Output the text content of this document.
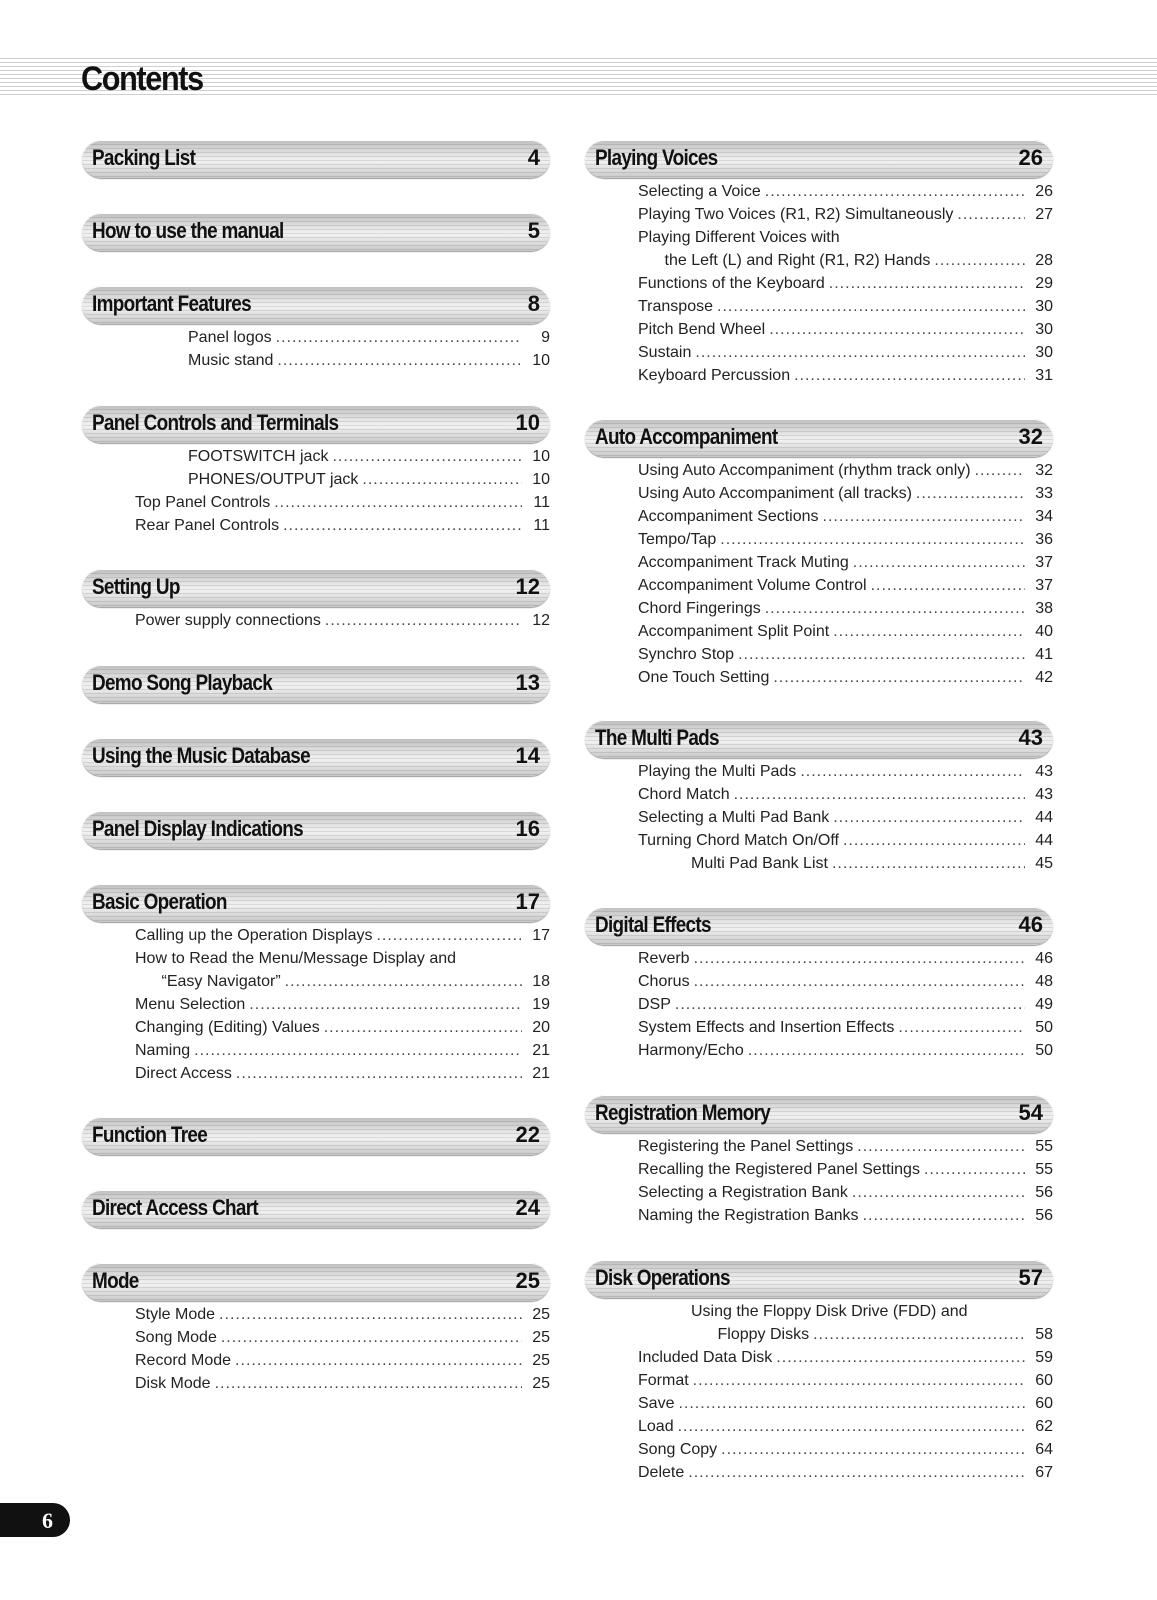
Contents
Packing List	4
How to use the manual	5
Important Features	8
Panel logos .....	9
Music stand .....	10
Panel Controls and Terminals	10
FOOTSWITCH jack .....	10
PHONES/OUTPUT jack .....	10
Top Panel Controls .....	11
Rear Panel Controls .....	11
Setting Up	12
Power supply connections .....	12
Demo Song Playback	13
Using the Music Database	14
Panel Display Indications	16
Basic Operation	17
Calling up the Operation Displays .....	17
How to Read the Menu/Message Display and
“Easy Navigator” .....	18
Menu Selection .....	19
Changing (Editing) Values .....	20
Naming .....	21
Direct Access .....	21
Function Tree	22
Direct Access Chart	24
Mode	25
Style Mode .....	25
Song Mode .....	25
Record Mode .....	25
Disk Mode .....	25
Playing Voices	26
Selecting a Voice .....	26
Playing Two Voices (R1, R2) Simultaneously .....	27
Playing Different Voices with
the Left (L) and Right (R1, R2) Hands .....	28
Functions of the Keyboard .....	29
Transpose .....	30
Pitch Bend Wheel .....	30
Sustain .....	30
Keyboard Percussion .....	31
Auto Accompaniment	32
Using Auto Accompaniment (rhythm track only) .....	32
Using Auto Accompaniment (all tracks) .....	33
Accompaniment Sections .....	34
Tempo/Tap .....	36
Accompaniment Track Muting .....	37
Accompaniment Volume Control .....	37
Chord Fingerings .....	38
Accompaniment Split Point .....	40
Synchro Stop .....	41
One Touch Setting .....	42
The Multi Pads	43
Playing the Multi Pads .....	43
Chord Match .....	43
Selecting a Multi Pad Bank .....	44
Turning Chord Match On/Off .....	44
Multi Pad Bank List .....	45
Digital Effects	46
Reverb .....	46
Chorus .....	48
DSP .....	49
System Effects and Insertion Effects .....	50
Harmony/Echo .....	50
Registration Memory	54
Registering the Panel Settings .....	55
Recalling the Registered Panel Settings .....	55
Selecting a Registration Bank .....	56
Naming the Registration Banks .....	56
Disk Operations	57
Using the Floppy Disk Drive (FDD) and
Floppy Disks .....	58
Included Data Disk .....	59
Format .....	60
Save .....	60
Load .....	62
Song Copy .....	64
Delete .....	67
6
